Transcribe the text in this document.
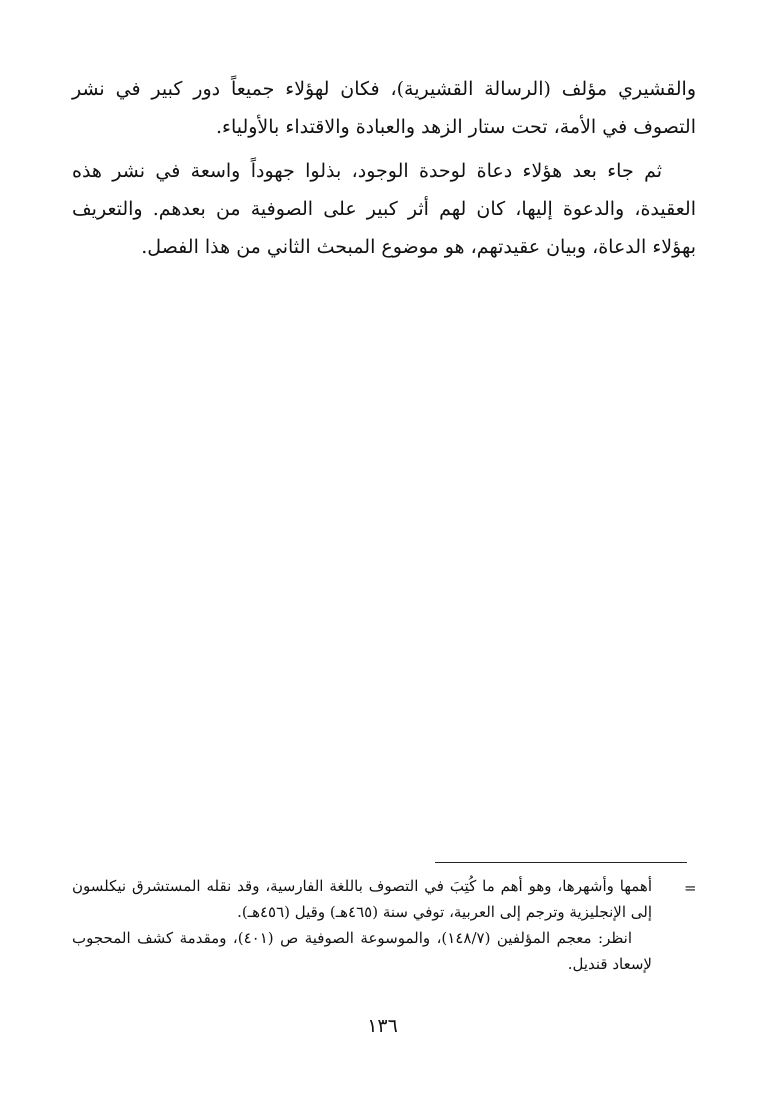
والقشيري مؤلف (الرسالة القشيرية)، فكان لهؤلاء جميعاً دور كبير في نشر التصوف في الأمة، تحت ستار الزهد والعبادة والاقتداء بالأولياء.

ثم جاء بعد هؤلاء دعاة لوحدة الوجود، بذلوا جهوداً واسعة في نشر هذه العقيدة، والدعوة إليها، كان لهم أثر كبير على الصوفية من بعدهم. والتعريف بهؤلاء الدعاة، وبيان عقيدتهم، هو موضوع المبحث الثاني من هذا الفصل.

=

أهمها وأشهرها، وهو أهم ما كُتِبَ في التصوف باللغة الفارسية، وقد نقله المستشرق نيكلسون إلى الإنجليزية وترجم إلى العربية، توفي سنة (٤٦٥هـ) وقيل (٤٥٦هـ).

انظر: معجم المؤلفين (١٤٨/٧)، والموسوعة الصوفية ص (٤٠١)، ومقدمة كشف المحجوب لإسعاد قنديل.

١٣٦
